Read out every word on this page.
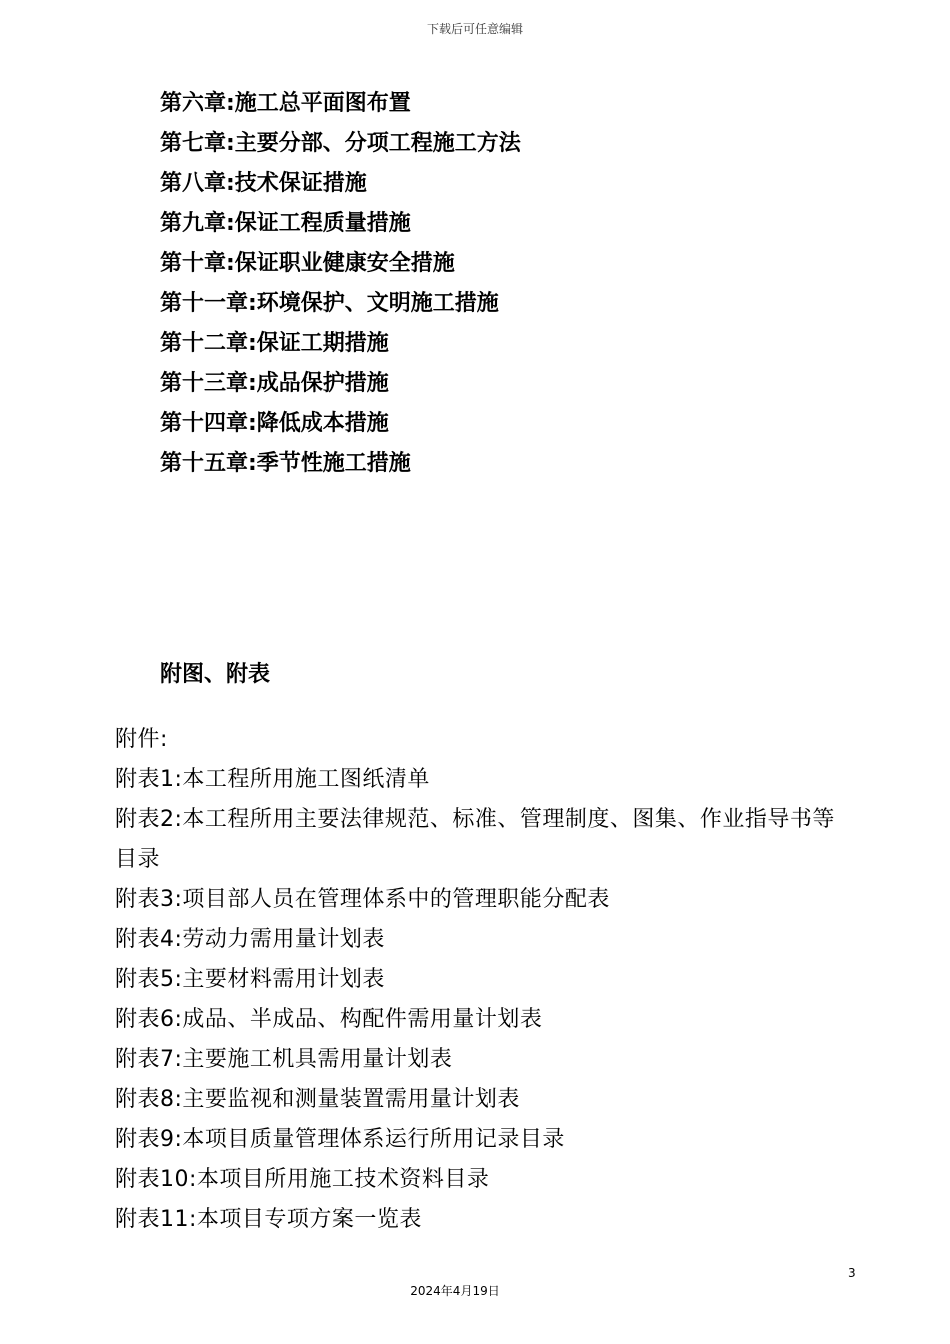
下载后可任意编辑
第六章:施工总平面图布置
第七章:主要分部、分项工程施工方法
第八章:技术保证措施
第九章:保证工程质量措施
第十章:保证职业健康安全措施
第十一章:环境保护、文明施工措施
第十二章:保证工期措施
第十三章:成品保护措施
第十四章:降低成本措施
第十五章:季节性施工措施
附图、附表
附件:
附表1:本工程所用施工图纸清单
附表2:本工程所用主要法律规范、标准、管理制度、图集、作业指导书等
目录
附表3:项目部人员在管理体系中的管理职能分配表
附表4:劳动力需用量计划表
附表5:主要材料需用计划表
附表6:成品、半成品、构配件需用量计划表
附表7:主要施工机具需用量计划表
附表8:主要监视和测量装置需用量计划表
附表9:本项目质量管理体系运行所用记录目录
附表10:本项目所用施工技术资料目录
附表11:本项目专项方案一览表
3
2024年4月19日
